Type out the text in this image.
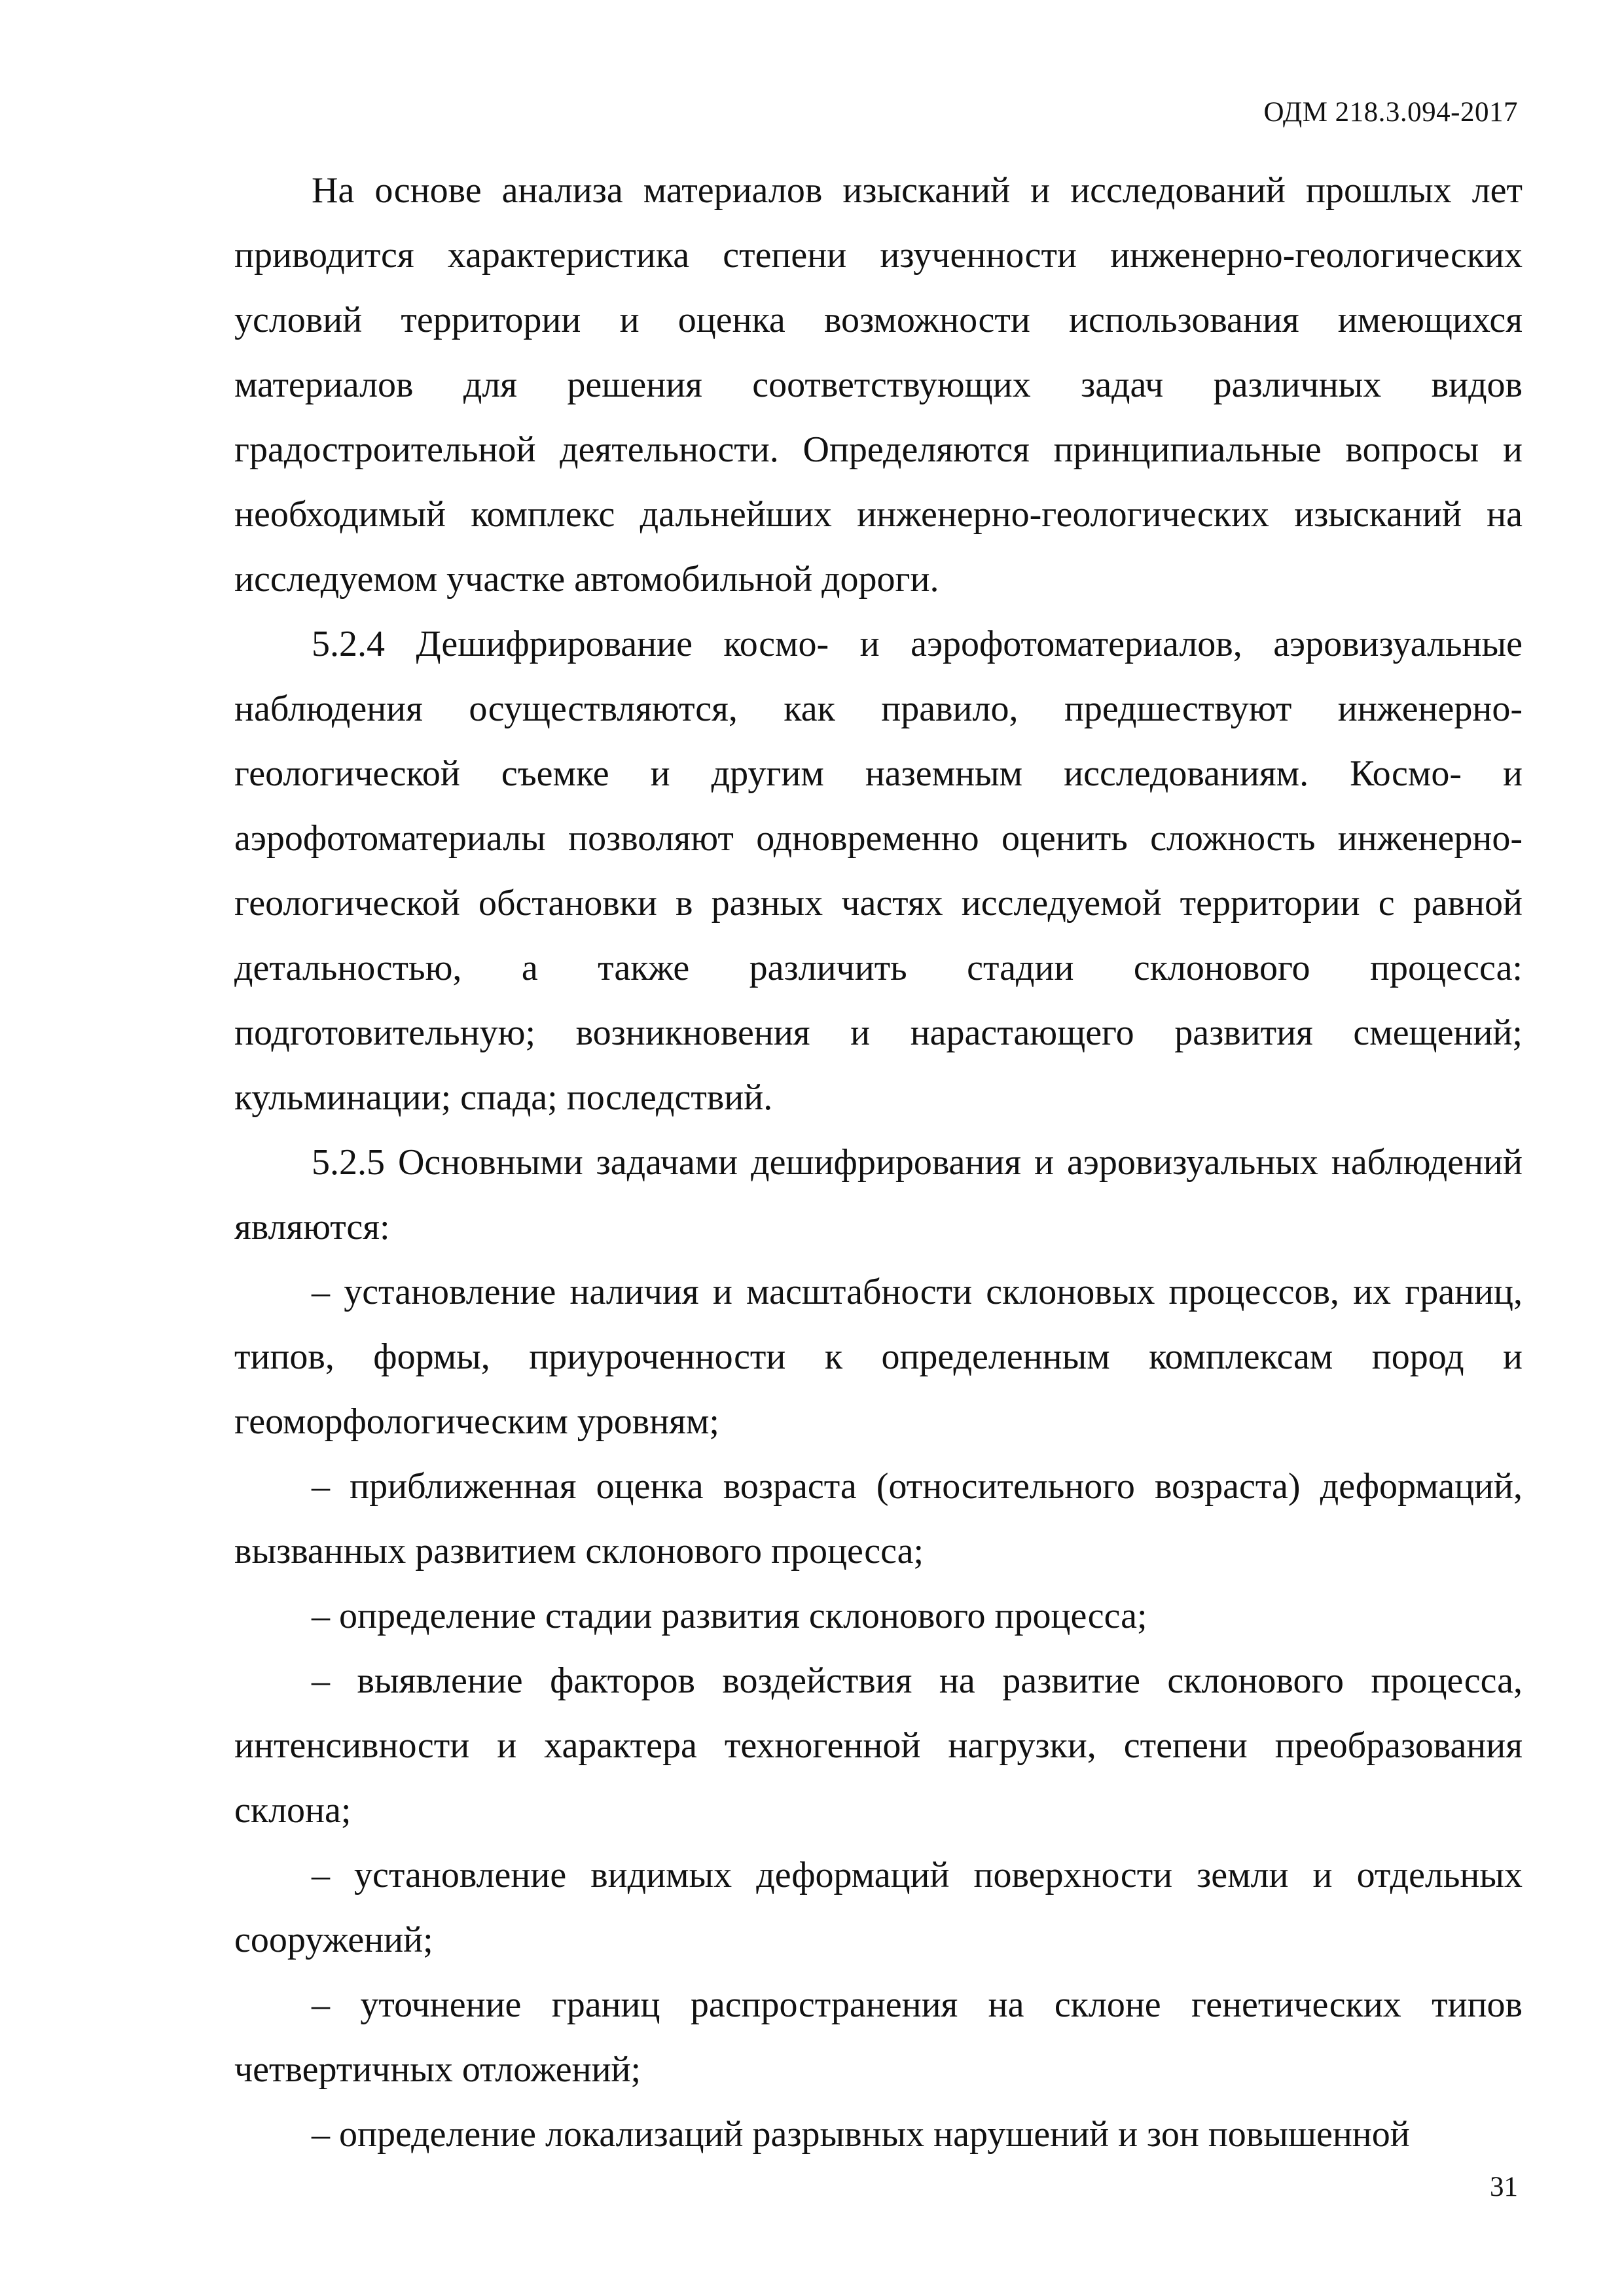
ОДМ 218.3.094-2017

На основе анализа материалов изысканий и исследований прошлых лет приводится характеристика степени изученности инженерно-геологических условий территории и оценка возможности использования имеющихся материалов для решения соответствующих задач различных видов градостроительной деятельности. Определяются принципиальные вопросы и необходимый комплекс дальнейших инженерно-геологических изысканий на исследуемом участке автомобильной дороги.

5.2.4 Дешифрирование космо- и аэрофотоматериалов, аэровизуальные наблюдения осуществляются, как правило, предшествуют инженерно-геологической съемке и другим наземным исследованиям. Космо- и аэрофотоматериалы позволяют одновременно оценить сложность инженерно-геологической обстановки в разных частях исследуемой территории с равной детальностью, а также различить стадии склонового процесса: подготовительную; возникновения и нарастающего развития смещений; кульминации; спада; последствий.

5.2.5 Основными задачами дешифрирования и аэровизуальных наблюдений являются:

– установление наличия и масштабности склоновых процессов, их границ, типов, формы, приуроченности к определенным комплексам пород и геоморфологическим уровням;

– приближенная оценка возраста (относительного возраста) деформаций, вызванных развитием склонового процесса;

– определение стадии развития склонового процесса;

– выявление факторов воздействия на развитие склонового процесса, интенсивности и характера техногенной нагрузки, степени преобразования склона;

– установление видимых деформаций поверхности земли и отдельных сооружений;

– уточнение границ распространения на склоне генетических типов четвертичных отложений;

– определение локализаций разрывных нарушений и зон повышенной

31
